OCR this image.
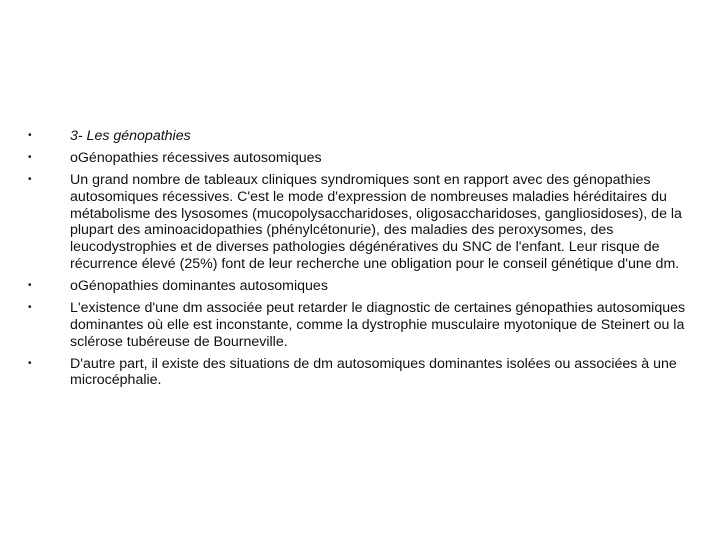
•	3- Les génopathies
•	oGénopathies récessives autosomiques
•	Un grand nombre de tableaux cliniques syndromiques sont en rapport avec des génopathies autosomiques récessives. C'est le mode d'expression de nombreuses maladies héréditaires du métabolisme des lysosomes (mucopolysaccharidoses, oligosaccharidoses, gangliosidoses), de la plupart des aminoacidopathies (phénylcétonurie), des maladies des peroxysomes, des leucodystrophies et de diverses pathologies dégénératives du SNC de l'enfant. Leur risque de récurrence élevé (25%) font de leur recherche une obligation pour le conseil génétique d'une dm.
•	oGénopathies dominantes autosomiques
•	L'existence d'une dm associée peut retarder le diagnostic de certaines génopathies autosomiques dominantes où elle est inconstante, comme la dystrophie musculaire myotonique de Steinert ou la sclérose tubéreuse de Bourneville.
•	D'autre part, il existe des situations de dm autosomiques dominantes isolées ou associées à une microcéphalie.
